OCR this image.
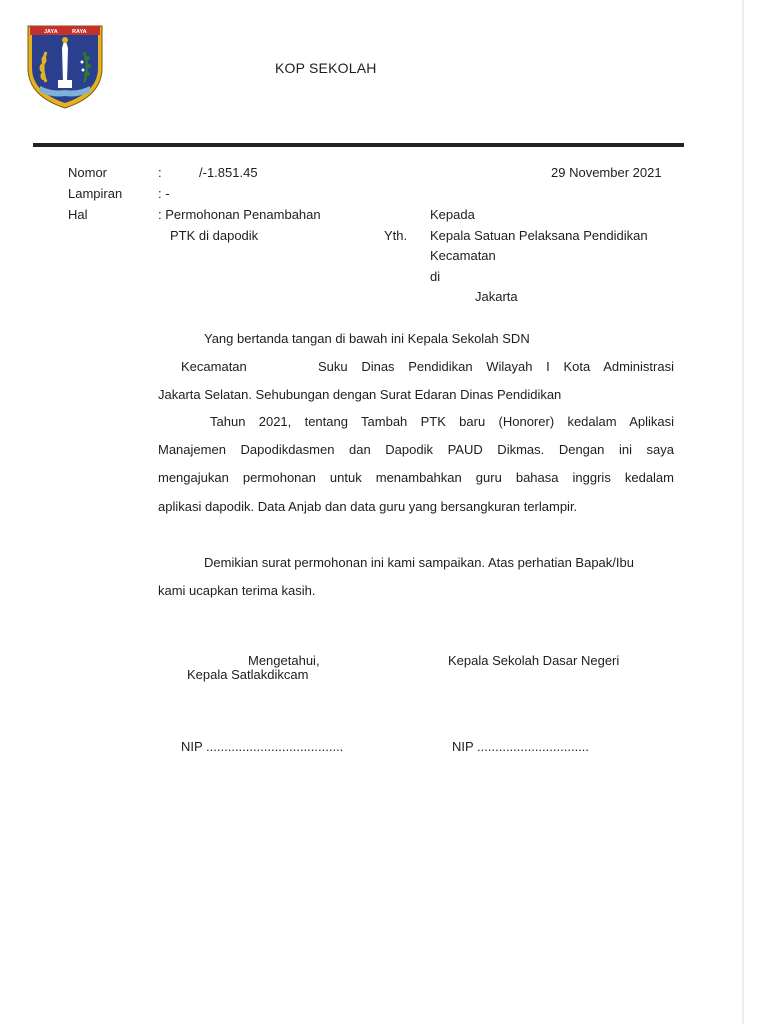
JAYA	RAYA
KOP SEKOLAH
Nomor	:	/-1.851.45	29 November 2021
Lampiran	: -
Hal	: Permohonan Penambahan
PTK di dapodik
Kepada
Yth. Kepala Satuan Pelaksana Pendidikan
Kecamatan
di
Jakarta
Yang bertanda tangan di bawah ini Kepala Sekolah SDN
Kecamatan	Suku Dinas Pendidikan Wilayah I Kota Administrasi
Jakarta Selatan. Sehubungan dengan Surat Edaran Dinas Pendidikan
Tahun 2021, tentang Tambah PTK baru (Honorer) kedalam Aplikasi
Manajemen Dapodikdasmen dan Dapodik PAUD Dikmas. Dengan ini saya
mengajukan permohonan untuk menambahkan guru bahasa inggris kedalam
aplikasi dapodik. Data Anjab dan data guru yang bersangkuran terlampir.
Demikian surat permohonan ini kami sampaikan. Atas perhatian Bapak/Ibu
kami ucapkan terima kasih.
Mengetahui,
Kepala Satlakdikcam
Kepala Sekolah Dasar Negeri
NIP ......................................	NIP ...............................
